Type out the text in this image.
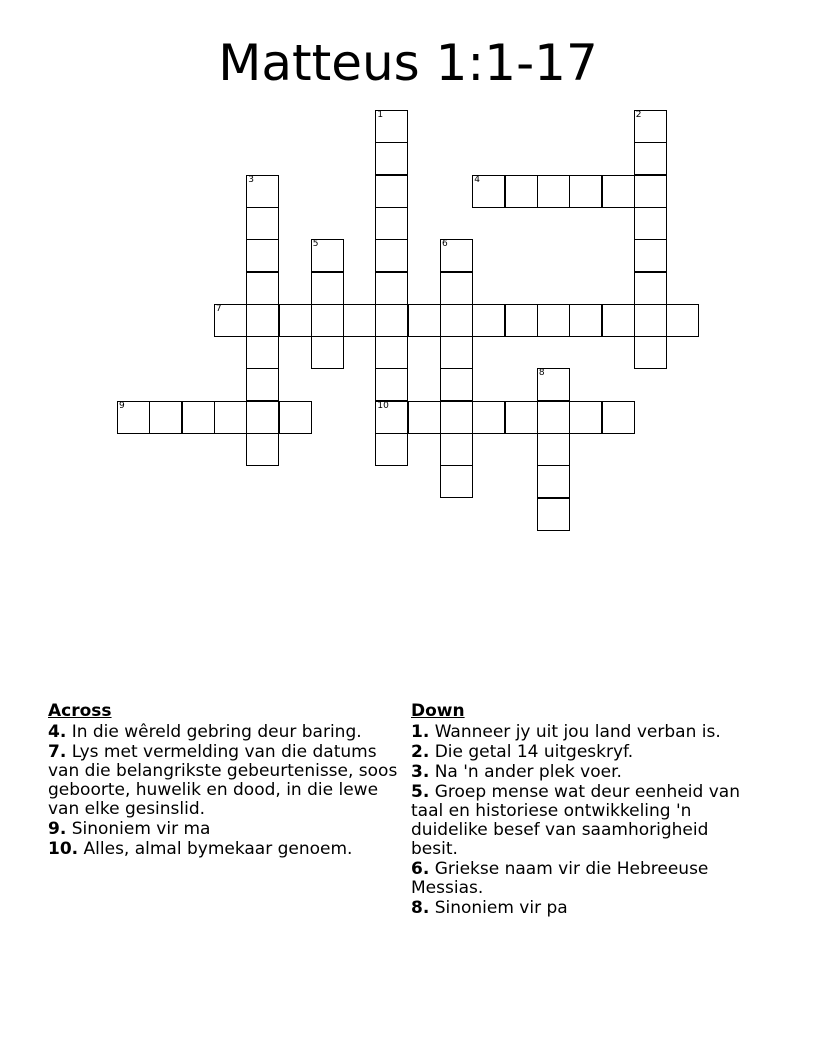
Matteus 1:1-17
1	2
3	4
5	6
7
8
9	10
Across
4. In die wêreld gebring deur baring.
7. Lys met vermelding van die datums van die belangrikste gebeurtenisse, soos geboorte, huwelik en dood, in die lewe van elke gesinslid.
9. Sinoniem vir ma
10. Alles, almal bymekaar genoem.
Down
1. Wanneer jy uit jou land verban is.
2. Die getal 14 uitgeskryf.
3. Na 'n ander plek voer.
5. Groep mense wat deur eenheid van taal en historiese ontwikkeling 'n duidelike besef van saamhorigheid besit.
6. Griekse naam vir die Hebreeuse Messias.
8. Sinoniem vir pa
